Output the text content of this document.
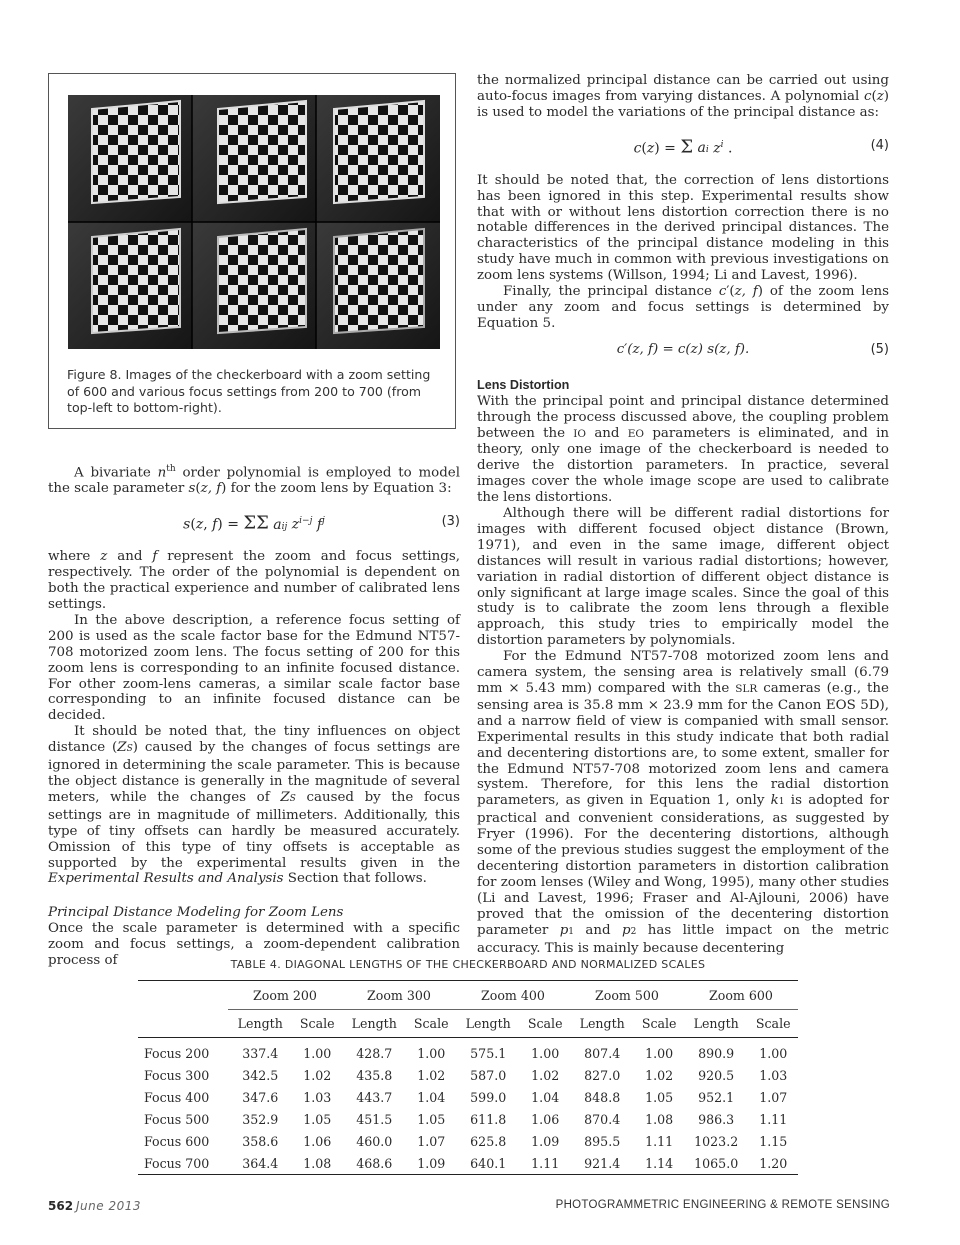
Figure 8. Images of the checkerboard with a zoom setting of 600 and various focus settings from 200 to 700 (from top-left to bottom-right).

A bivariate $n^{th}$ order polynomial is employed to model the scale parameter s(z, f) for the zoom lens by Equation 3:

s(z, f) = ΣΣ aij $z^{i-j}$ $f^j$	(3)

where z and f represent the zoom and focus settings, respectively. The order of the polynomial is dependent on both the practical experience and number of calibrated lens settings.

In the above description, a reference focus setting of 200 is used as the scale factor base for the Edmund NT57-708 motorized zoom lens. The focus setting of 200 for this zoom lens is corresponding to an infinite focused distance. For other zoom-lens cameras, a similar scale factor base corresponding to an infinite focused distance can be decided.

It should be noted that, the tiny influences on object distance (ZS) caused by the changes of focus settings are ignored in determining the scale parameter. This is because the object distance is generally in the magnitude of several meters, while the changes of ZS caused by the focus settings are in magnitude of millimeters. Additionally, this type of tiny offsets can hardly be measured accurately. Omission of this type of tiny offsets is acceptable as supported by the experimental results given in the Experimental Results and Analysis Section that follows.

Principal Distance Modeling for Zoom Lens

Once the scale parameter is determined with a specific zoom and focus settings, a zoom-dependent calibration process of

the normalized principal distance can be carried out using auto-focus images from varying distances. A polynomial c(z) is used to model the variations of the principal distance as:

c(z) = Σ ai $z^i$ .	(4)

It should be noted that, the correction of lens distortions has been ignored in this step. Experimental results show that with or without lens distortion correction there is no notable differences in the derived principal distances. The characteristics of the principal distance modeling in this study have much in common with previous investigations on zoom lens systems (Willson, 1994; Li and Lavest, 1996).

Finally, the principal distance c′(z, f) of the zoom lens under any zoom and focus settings is determined by Equation 5.

c′(z, f) = c(z) s(z, f).	(5)

Lens Distortion

With the principal point and principal distance determined through the process discussed above, the coupling problem between the IO and EO parameters is eliminated, and in theory, only one image of the checkerboard is needed to derive the distortion parameters. In practice, several images cover the whole image scope are used to calibrate the lens distortions.

Although there will be different radial distortions for images with different focused object distance (Brown, 1971), and even in the same image, different object distances will result in various radial distortions; however, variation in radial distortion of different object distance is only significant at large image scales. Since the goal of this study is to calibrate the zoom lens through a flexible approach, this study tries to empirically model the distortion parameters by polynomials.

For the Edmund NT57-708 motorized zoom lens and camera system, the sensing area is relatively small (6.79 mm × 5.43 mm) compared with the SLR cameras (e.g., the sensing area is 35.8 mm × 23.9 mm for the Canon EOS 5D), and a narrow field of view is companied with small sensor. Experimental results in this study indicate that both radial and decentering distortions are, to some extent, smaller for the Edmund NT57-708 motorized zoom lens and camera system. Therefore, for this lens the radial distortion parameters, as given in Equation 1, only k1 is adopted for practical and convenient considerations, as suggested by Fryer (1996). For the decentering distortions, although some of the previous studies suggest the employment of the decentering distortion parameters in distortion calibration for zoom lenses (Wiley and Wong, 1995), many other studies (Li and Lavest, 1996; Fraser and Al-Ajlouni, 2006) have proved that the omission of the decentering distortion parameter p1 and p2 has little impact on the metric accuracy. This is mainly because decentering

TABLE 4. DIAGONAL LENGTHS OF THE CHECKERBOARD AND NORMALIZED SCALES
	Zoom 200		Zoom 300		Zoom 400		Zoom 500		Zoom 600	
	Length	Scale	Length	Scale	Length	Scale	Length	Scale	Length	Scale
Focus 200	337.4	1.00	428.7	1.00	575.1	1.00	807.4	1.00	890.9	1.00
Focus 300	342.5	1.02	435.8	1.02	587.0	1.02	827.0	1.02	920.5	1.03
Focus 400	347.6	1.03	443.7	1.04	599.0	1.04	848.8	1.05	952.1	1.07
Focus 500	352.9	1.05	451.5	1.05	611.8	1.06	870.4	1.08	986.3	1.11
Focus 600	358.6	1.06	460.0	1.07	625.8	1.09	895.5	1.11	1023.2	1.15
Focus 700	364.4	1.08	468.6	1.09	640.1	1.11	921.4	1.14	1065.0	1.20
562 June 2013	PHOTOGRAMMETRIC ENGINEERING & REMOTE SENSING
